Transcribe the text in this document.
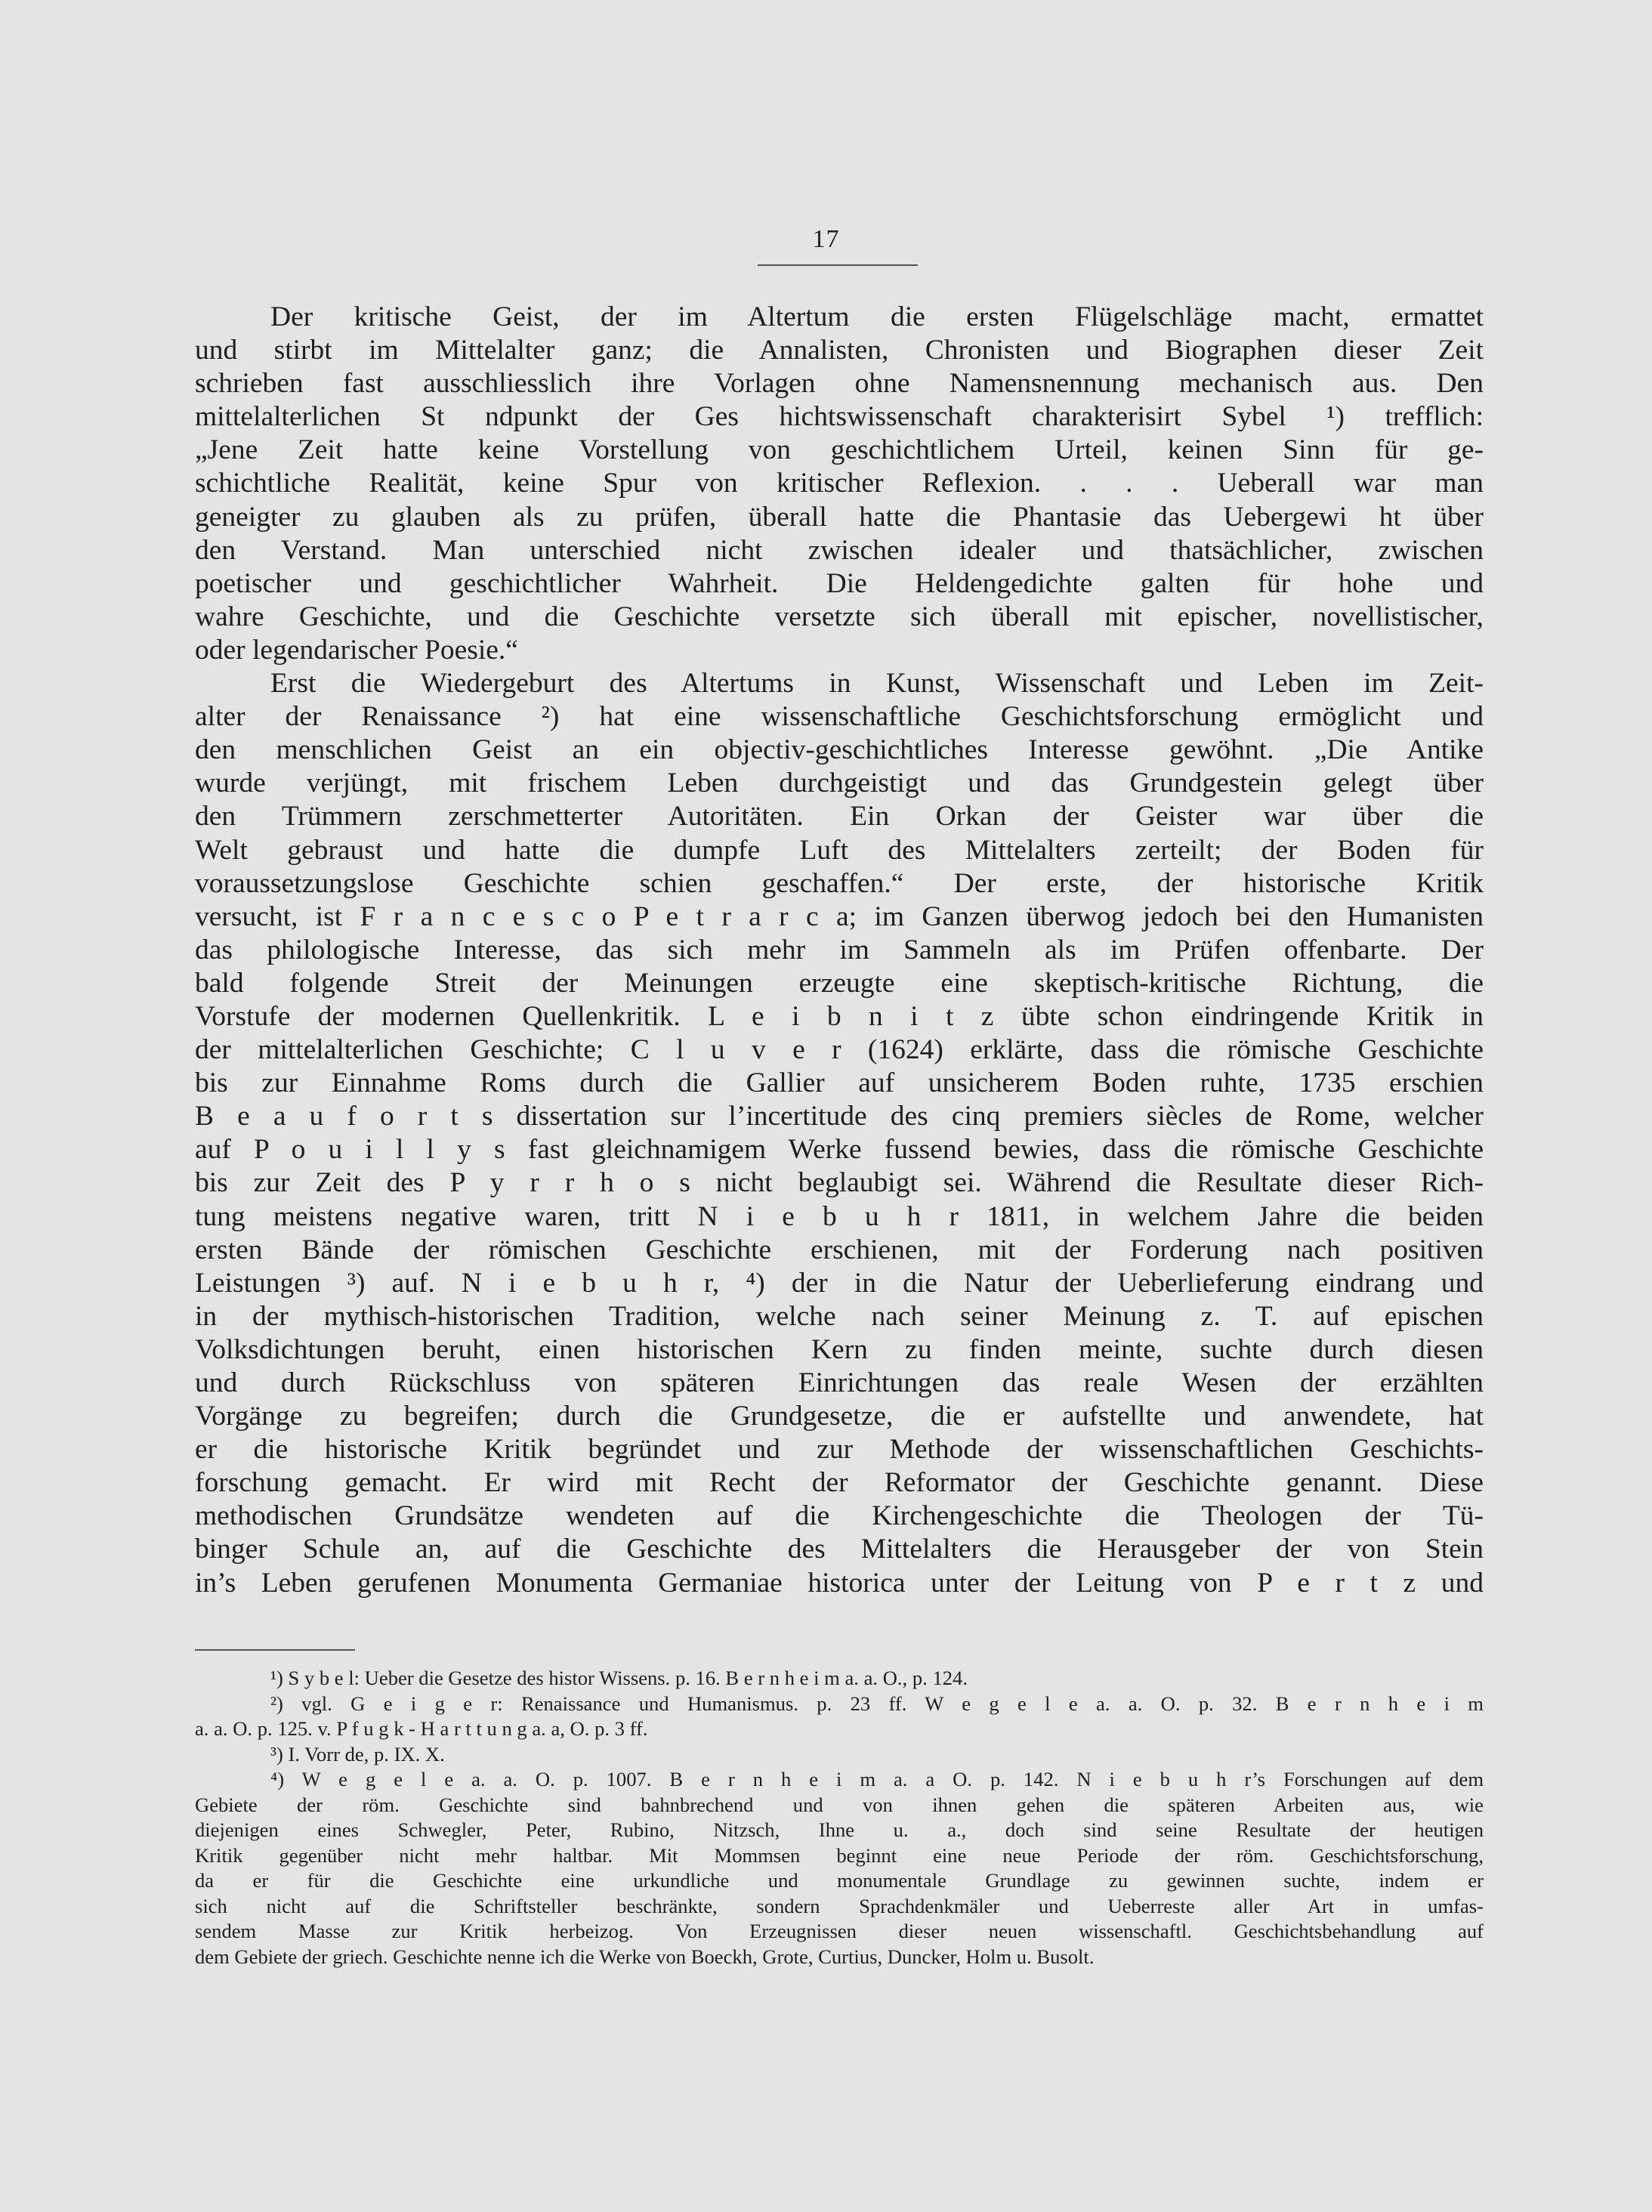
17
Der kritische Geist, der im Altertum die ersten Flügelschläge macht, ermattet
und stirbt im Mittelalter ganz; die Annalisten, Chronisten und Biographen dieser Zeit
schrieben fast ausschliesslich ihre Vorlagen ohne Namensnennung mechanisch aus. Den
mittelalterlichen St ndpunkt der Ges hichtswissenschaft charakterisirt Sybel ¹) trefflich:
„Jene Zeit hatte keine Vorstellung von geschichtlichem Urteil, keinen Sinn für ge-
schichtliche Realität, keine Spur von kritischer Reflexion. . . . Ueberall war man
geneigter zu glauben als zu prüfen, überall hatte die Phantasie das Uebergewi ht über
den Verstand. Man unterschied nicht zwischen idealer und thatsächlicher, zwischen
poetischer und geschichtlicher Wahrheit. Die Heldengedichte galten für hohe und
wahre Geschichte, und die Geschichte versetzte sich überall mit epischer, novellistischer,
oder legendarischer Poesie.“
Erst die Wiedergeburt des Altertums in Kunst, Wissenschaft und Leben im Zeit-
alter der Renaissance ²) hat eine wissenschaftliche Geschichtsforschung ermöglicht und
den menschlichen Geist an ein objectiv-geschichtliches Interesse gewöhnt. „Die Antike
wurde verjüngt, mit frischem Leben durchgeistigt und das Grundgestein gelegt über
den Trümmern zerschmetterter Autoritäten. Ein Orkan der Geister war über die
Welt gebraust und hatte die dumpfe Luft des Mittelalters zerteilt; der Boden für
voraussetzungslose Geschichte schien geschaffen.“ Der erste, der historische Kritik
versucht, ist F r a n c e s c o P e t r a r c a; im Ganzen überwog jedoch bei den Humanisten
das philologische Interesse, das sich mehr im Sammeln als im Prüfen offenbarte. Der
bald folgende Streit der Meinungen erzeugte eine skeptisch-kritische Richtung, die
Vorstufe der modernen Quellenkritik. L e i b n i t z übte schon eindringende Kritik in
der mittelalterlichen Geschichte; C l u v e r (1624) erklärte, dass die römische Geschichte
bis zur Einnahme Roms durch die Gallier auf unsicherem Boden ruhte, 1735 erschien
B e a u f o r t s dissertation sur l’incertitude des cinq premiers siècles de Rome, welcher
auf P o u i l l y s fast gleichnamigem Werke fussend bewies, dass die römische Geschichte
bis zur Zeit des P y r r h o s nicht beglaubigt sei. Während die Resultate dieser Rich-
tung meistens negative waren, tritt N i e b u h r 1811, in welchem Jahre die beiden
ersten Bände der römischen Geschichte erschienen, mit der Forderung nach positiven
Leistungen ³) auf. N i e b u h r, ⁴) der in die Natur der Ueberlieferung eindrang und
in der mythisch-historischen Tradition, welche nach seiner Meinung z. T. auf epischen
Volksdichtungen beruht, einen historischen Kern zu finden meinte, suchte durch diesen
und durch Rückschluss von späteren Einrichtungen das reale Wesen der erzählten
Vorgänge zu begreifen; durch die Grundgesetze, die er aufstellte und anwendete, hat
er die historische Kritik begründet und zur Methode der wissenschaftlichen Geschichts-
forschung gemacht. Er wird mit Recht der Reformator der Geschichte genannt. Diese
methodischen Grundsätze wendeten auf die Kirchengeschichte die Theologen der Tü-
binger Schule an, auf die Geschichte des Mittelalters die Herausgeber der von Stein
in’s Leben gerufenen Monumenta Germaniae historica unter der Leitung von P e r t z und
¹) S y b e l: Ueber die Gesetze des histor Wissens. p. 16. B e r n h e i m a. a. O., p. 124.
²) vgl. G e i g e r: Renaissance und Humanismus. p. 23 ff. W e g e l e a. a. O. p. 32. B e r n h e i m
a. a. O. p. 125. v. P f u g k - H a r t t u n g a. a, O. p. 3 ff.
³) I. Vorr de, p. IX. X.
⁴) W e g e l e a. a. O. p. 1007. B e r n h e i m a. a O. p. 142. N i e b u h r’s Forschungen auf dem
Gebiete der röm. Geschichte sind bahnbrechend und von ihnen gehen die späteren Arbeiten aus, wie
diejenigen eines Schwegler, Peter, Rubino, Nitzsch, Ihne u. a., doch sind seine Resultate der heutigen
Kritik gegenüber nicht mehr haltbar. Mit Mommsen beginnt eine neue Periode der röm. Geschichtsforschung,
da er für die Geschichte eine urkundliche und monumentale Grundlage zu gewinnen suchte, indem er
sich nicht auf die Schriftsteller beschränkte, sondern Sprachdenkmäler und Ueberreste aller Art in umfas-
sendem Masse zur Kritik herbeizog. Von Erzeugnissen dieser neuen wissenschaftl. Geschichtsbehandlung auf
dem Gebiete der griech. Geschichte nenne ich die Werke von Boeckh, Grote, Curtius, Duncker, Holm u. Busolt.
